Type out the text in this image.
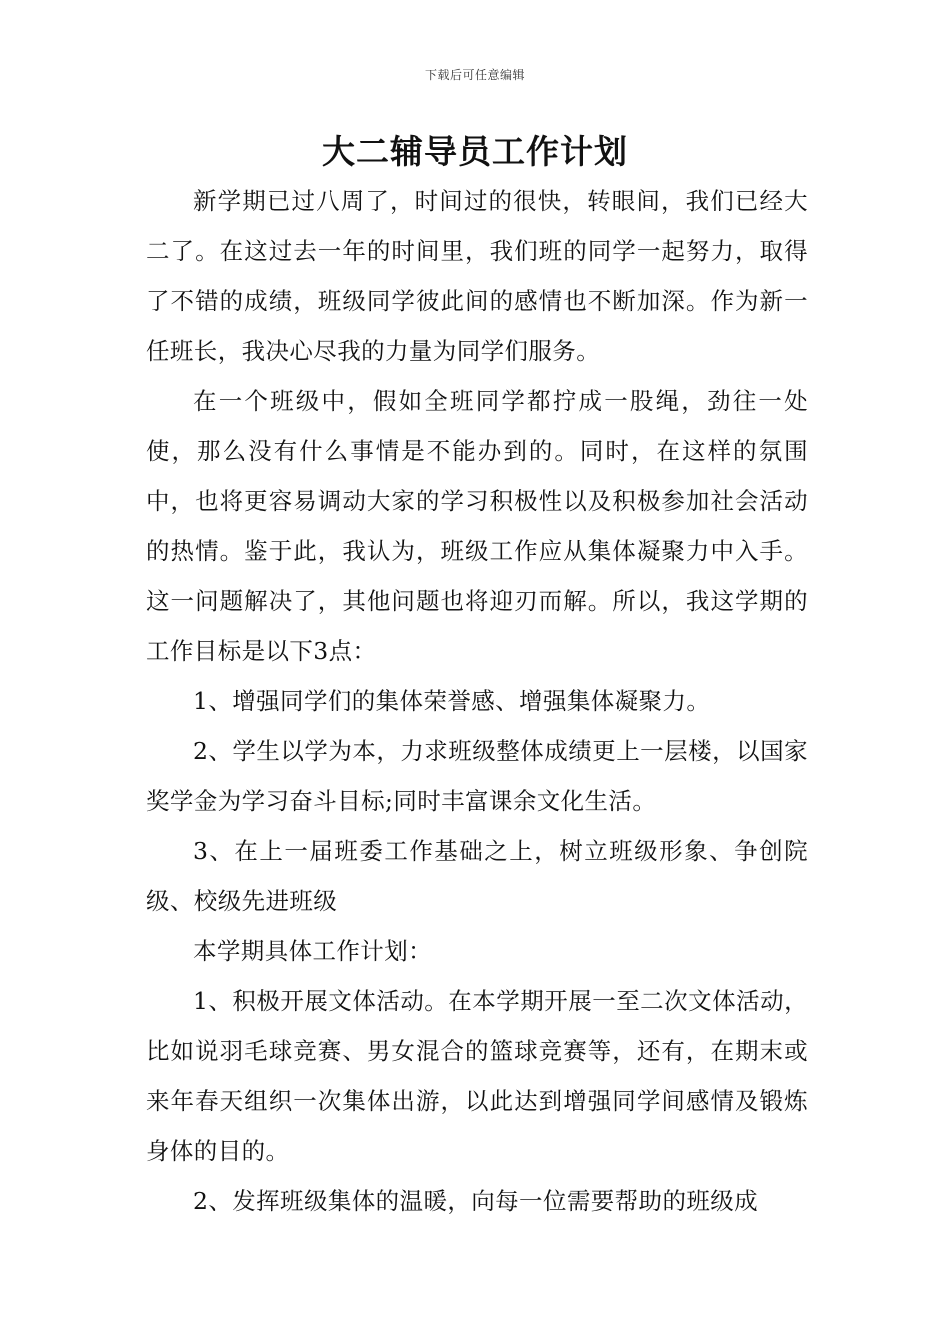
下载后可任意编辑
大二辅导员工作计划

新学期已过八周了，时间过的很快，转眼间，我们已经大二了。在这过去一年的时间里，我们班的同学一起努力，取得了不错的成绩，班级同学彼此间的感情也不断加深。作为新一任班长，我决心尽我的力量为同学们服务。

在一个班级中，假如全班同学都拧成一股绳，劲往一处使，那么没有什么事情是不能办到的。同时，在这样的氛围中，也将更容易调动大家的学习积极性以及积极参加社会活动的热情。鉴于此，我认为，班级工作应从集体凝聚力中入手。这一问题解决了，其他问题也将迎刃而解。所以，我这学期的工作目标是以下3点：

1、增强同学们的集体荣誉感、增强集体凝聚力。

2、学生以学为本，力求班级整体成绩更上一层楼，以国家奖学金为学习奋斗目标;同时丰富课余文化生活。

3、在上一届班委工作基础之上，树立班级形象、争创院级、校级先进班级

本学期具体工作计划：

1、积极开展文体活动。在本学期开展一至二次文体活动，比如说羽毛球竞赛、男女混合的篮球竞赛等，还有，在期末或来年春天组织一次集体出游，以此达到增强同学间感情及锻炼身体的目的。

2、发挥班级集体的温暖，向每一位需要帮助的班级成
